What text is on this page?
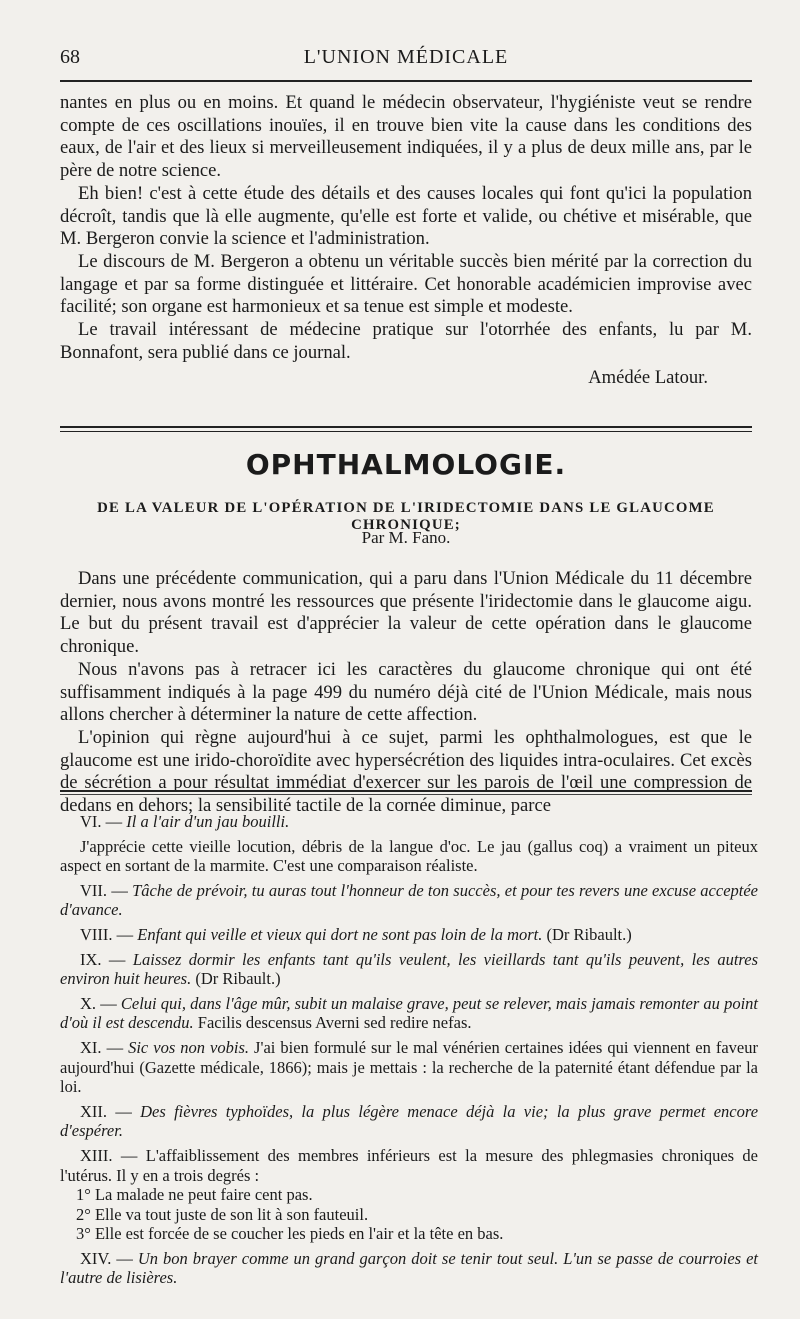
68	L'UNION MÉDICALE

nantes en plus ou en moins. Et quand le médecin observateur, l'hygiéniste veut se rendre compte de ces oscillations inouïes, il en trouve bien vite la cause dans les conditions des eaux, de l'air et des lieux si merveilleusement indiquées, il y a plus de deux mille ans, par le père de notre science.

Eh bien! c'est à cette étude des détails et des causes locales qui font qu'ici la population décroît, tandis que là elle augmente, qu'elle est forte et valide, ou chétive et misérable, que M. Bergeron convie la science et l'administration.

Le discours de M. Bergeron a obtenu un véritable succès bien mérité par la correction du langage et par sa forme distinguée et littéraire. Cet honorable académicien improvise avec facilité; son organe est harmonieux et sa tenue est simple et modeste.

Le travail intéressant de médecine pratique sur l'otorrhée des enfants, lu par M. Bonnafont, sera publié dans ce journal.

Amédée Latour.

OPHTHALMOLOGIE.
DE LA VALEUR DE L'OPÉRATION DE L'IRIDECTOMIE DANS LE GLAUCOME CHRONIQUE;
Par M. Fano.

Dans une précédente communication, qui a paru dans l'Union Médicale du 11 décembre dernier, nous avons montré les ressources que présente l'iridectomie dans le glaucome aigu. Le but du présent travail est d'apprécier la valeur de cette opération dans le glaucome chronique.

Nous n'avons pas à retracer ici les caractères du glaucome chronique qui ont été suffisamment indiqués à la page 499 du numéro déjà cité de l'Union Médicale, mais nous allons chercher à déterminer la nature de cette affection.

L'opinion qui règne aujourd'hui à ce sujet, parmi les ophthalmologues, est que le glaucome est une irido-choroïdite avec hypersécrétion des liquides intra-oculaires. Cet excès de sécrétion a pour résultat immédiat d'exercer sur les parois de l'œil une compression de dedans en dehors; la sensibilité tactile de la cornée diminue, parce

VI. — Il a l'air d'un jau bouilli.

J'apprécie cette vieille locution, débris de la langue d'oc. Le jau (gallus coq) a vraiment un piteux aspect en sortant de la marmite. C'est une comparaison réaliste.

VII. — Tâche de prévoir, tu auras tout l'honneur de ton succès, et pour tes revers une excuse acceptée d'avance.

VIII. — Enfant qui veille et vieux qui dort ne sont pas loin de la mort. (Dr Ribault.)

IX. — Laissez dormir les enfants tant qu'ils veulent, les vieillards tant qu'ils peuvent, les autres environ huit heures. (Dr Ribault.)

X. — Celui qui, dans l'âge mûr, subit un malaise grave, peut se relever, mais jamais remonter au point d'où il est descendu. Facilis descensus Averni sed redire nefas.

XI. — Sic vos non vobis. J'ai bien formulé sur le mal vénérien certaines idées qui viennent en faveur aujourd'hui (Gazette médicale, 1866); mais je mettais : la recherche de la paternité étant défendue par la loi.

XII. — Des fièvres typhoïdes, la plus légère menace déjà la vie; la plus grave permet encore d'espérer.

XIII. — L'affaiblissement des membres inférieurs est la mesure des phlegmasies chroniques de l'utérus. Il y en a trois degrés :
1° La malade ne peut faire cent pas.
2° Elle va tout juste de son lit à son fauteuil.
3° Elle est forcée de se coucher les pieds en l'air et la tête en bas.

XIV. — Un bon brayer comme un grand garçon doit se tenir tout seul. L'un se passe de courroies et l'autre de lisières.
